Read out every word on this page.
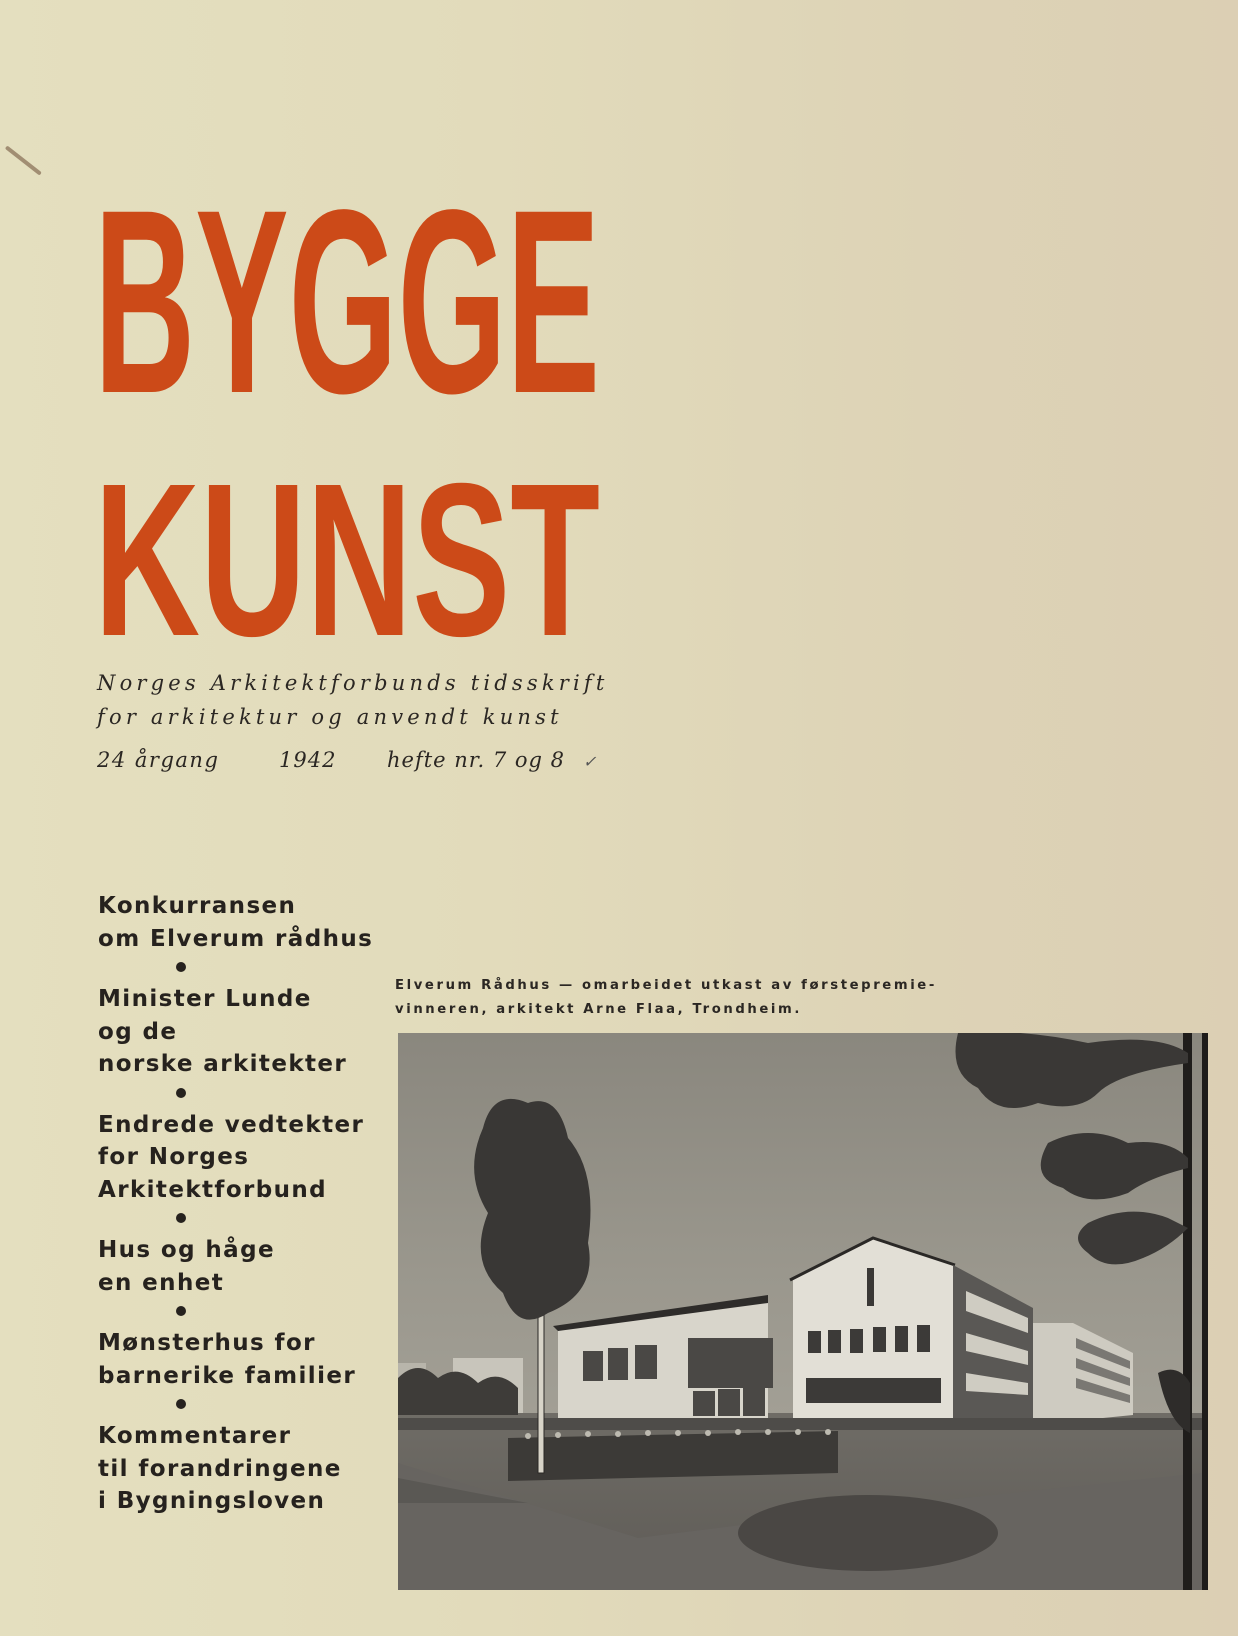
BYGGE
KUNST
Norges Arkitektforbunds tidsskrift
for arkitektur og anvendt kunst
24 årgang	1942 hefte nr. 7 og 8 ✓
Konkurransen
om Elverum rådhus
Minister Lunde
og de
norske arkitekter
Endrede vedtekter
for Norges
Arkitektforbund
Hus og håge
en enhet
Mønsterhus for
barnerike familier
Kommentarer
til forandringene
i Bygningsloven
Elverum Rådhus — omarbeidet utkast av førstepremie-
vinneren, arkitekt Arne Flaa, Trondheim.
